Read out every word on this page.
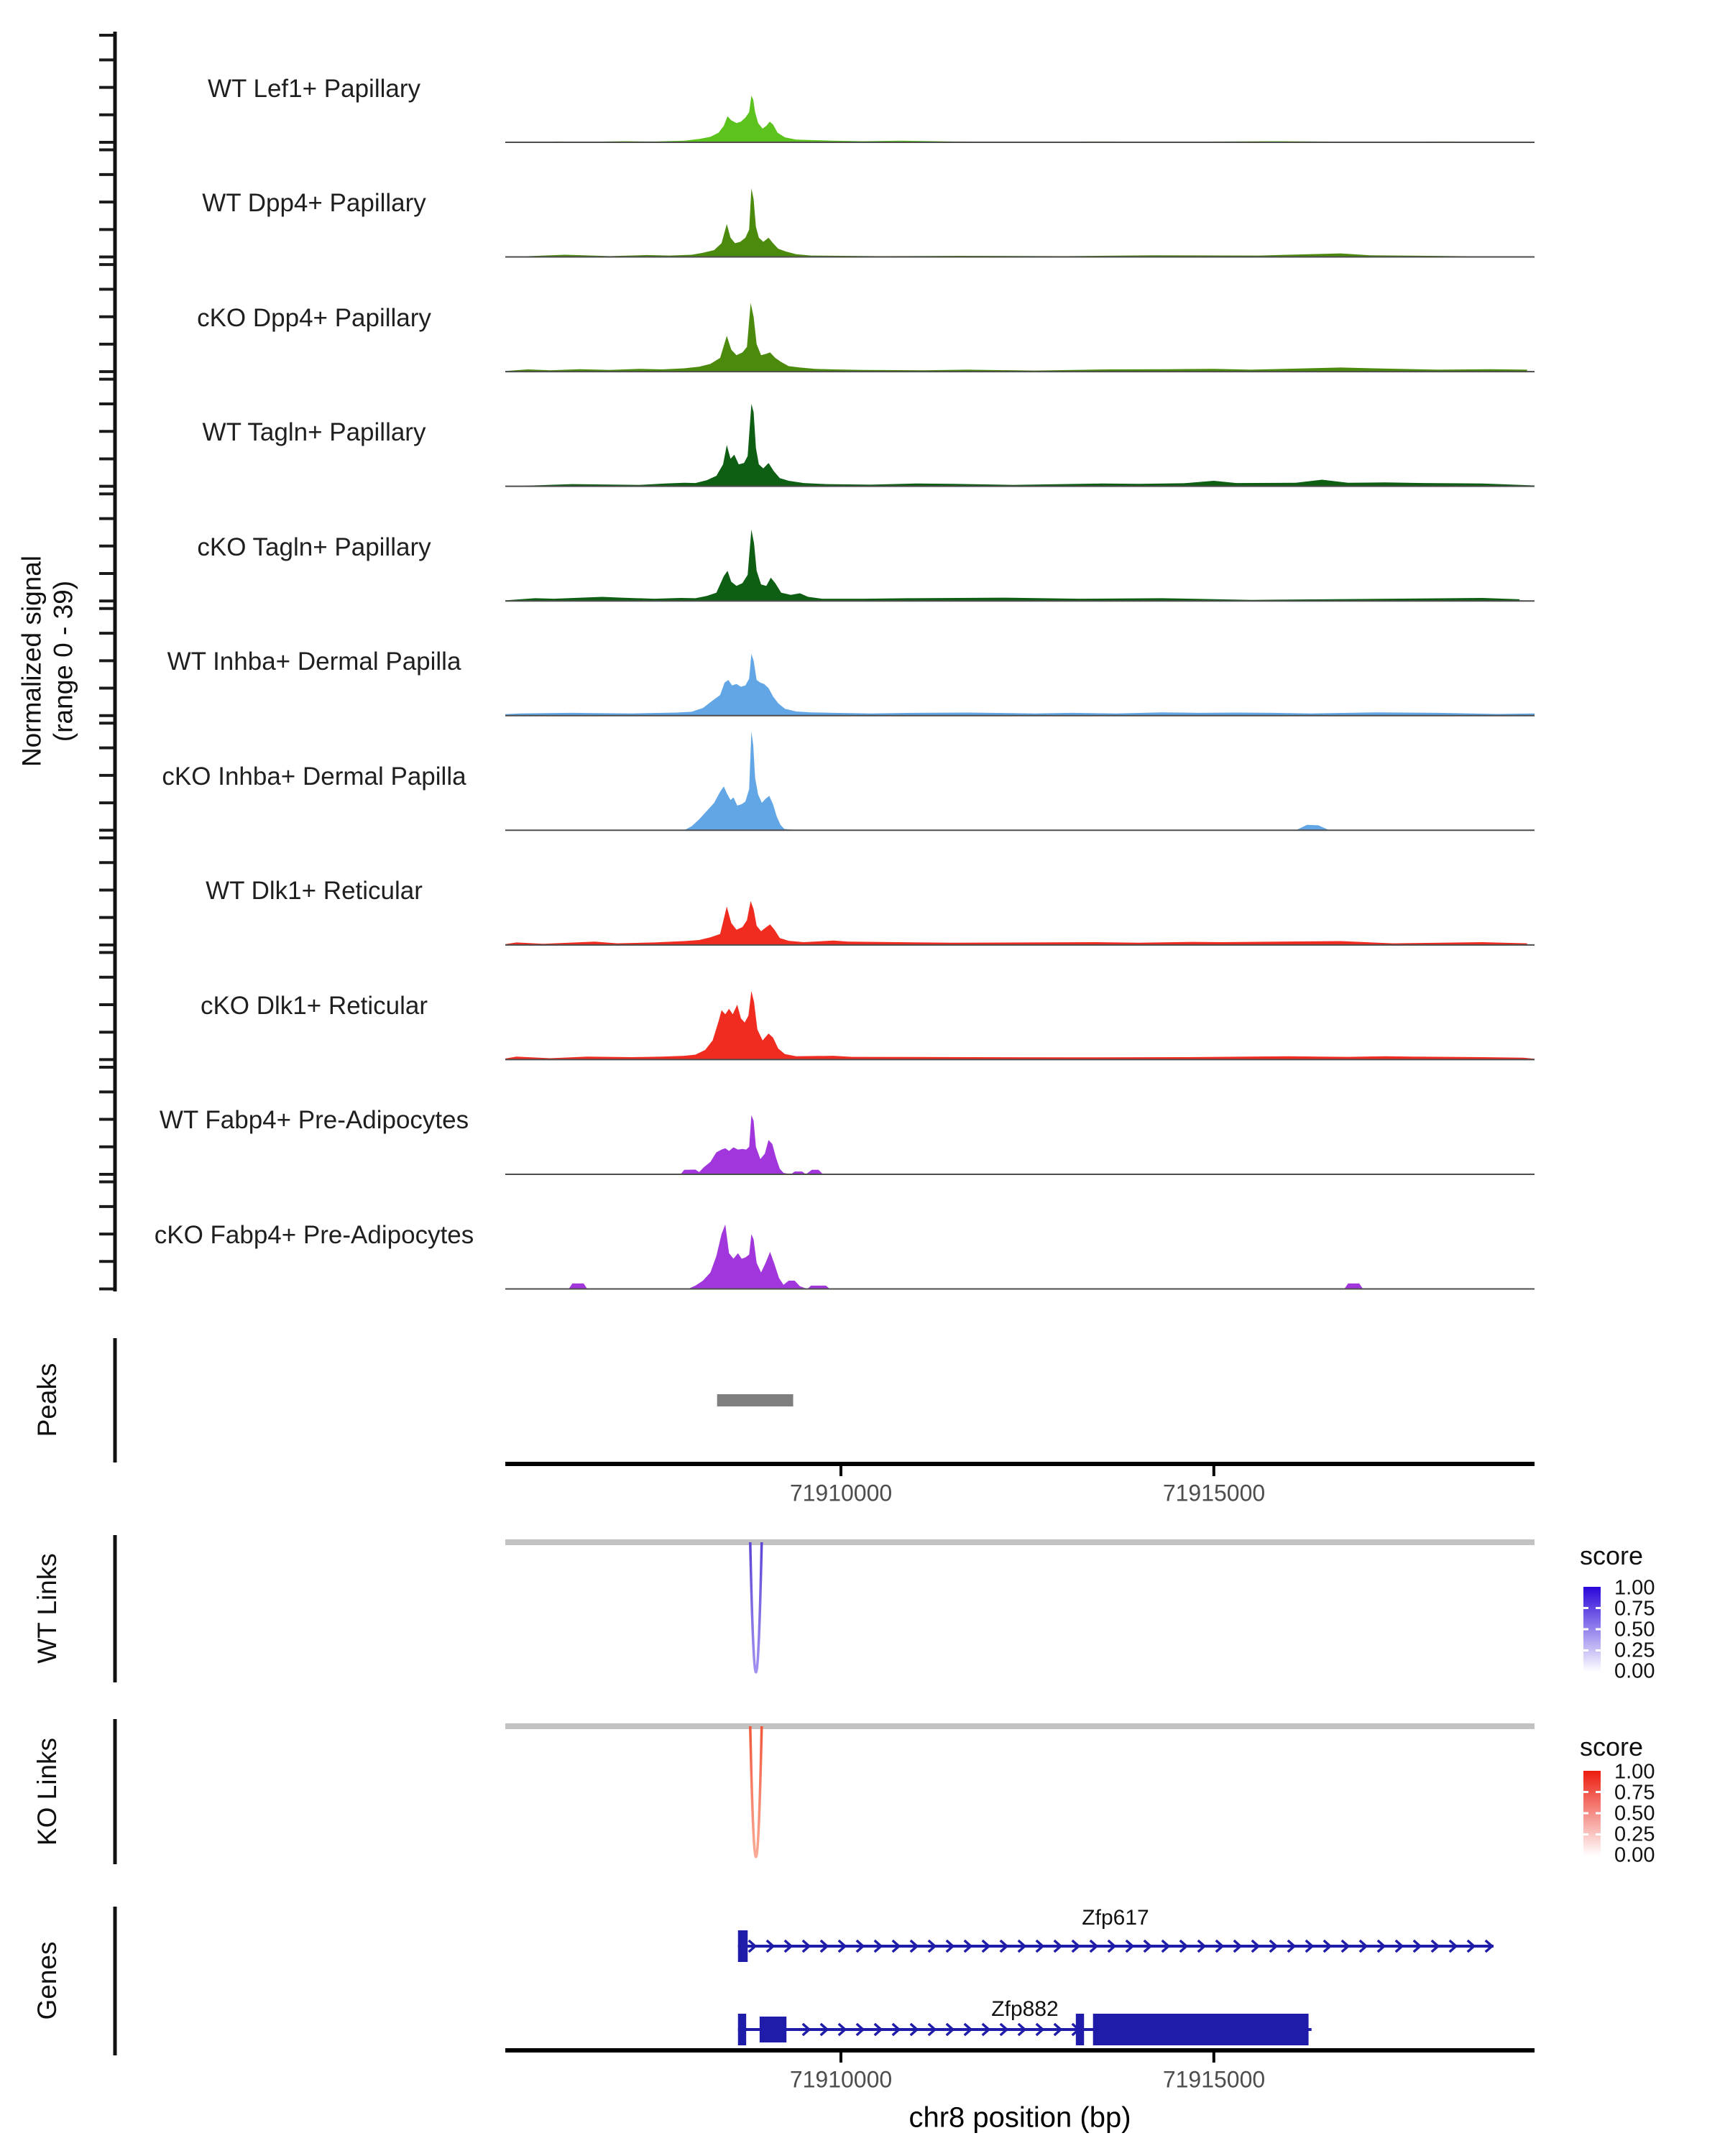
Normalized signal (range 0 - 39)
Peaks
WT Links
KO Links
Genes
WT Lef1+ Papillary
WT Dpp4+ Papillary
cKO Dpp4+ Papillary
WT Tagln+ Papillary
cKO Tagln+ Papillary
WT Inhba+ Dermal Papilla
cKO Inhba+ Dermal Papilla
WT Dlk1+ Reticular
cKO Dlk1+ Reticular
WT Fabp4+ Pre-Adipocytes
cKO Fabp4+ Pre-Adipocytes
71910000	71915000
71910000	71915000
chr8 position (bp)
score
score
1.00
0.75
0.50
0.25
0.00
1.00
0.75
0.50
0.25
0.00
Zfp617
Zfp882
